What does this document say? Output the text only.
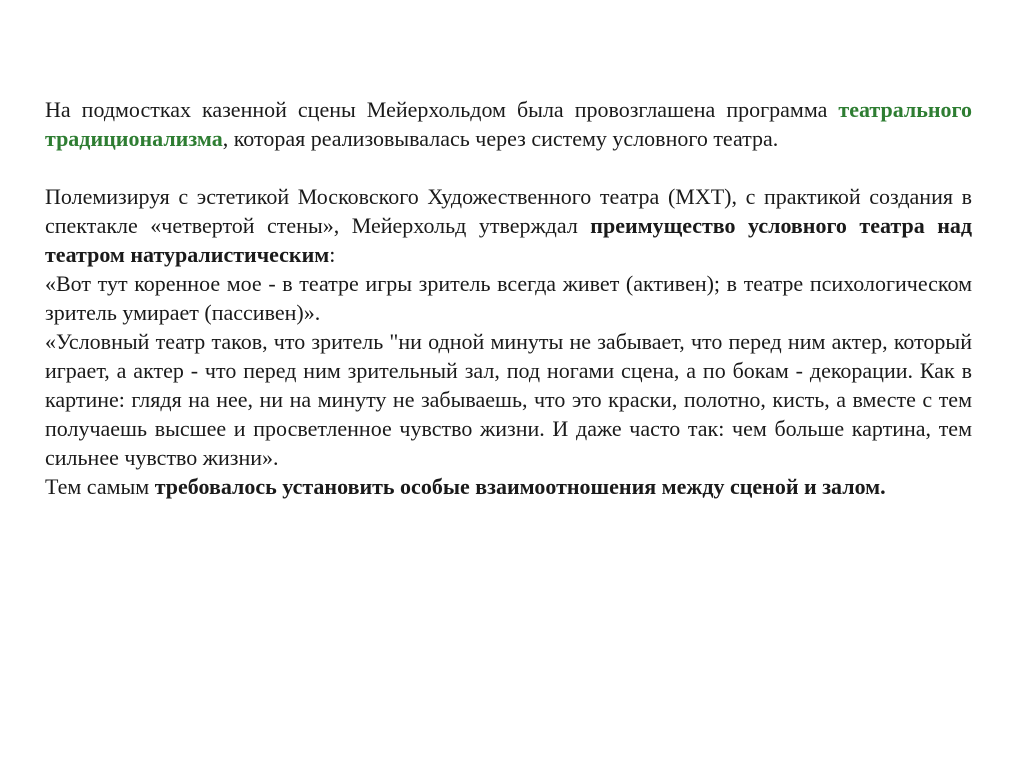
На подмостках казенной сцены Мейерхольдом была провозглашена программа театрального традиционализма, которая реализовывалась через систему условного театра.

Полемизируя с эстетикой Московского Художественного театра (МХТ), с практикой создания в спектакле «четвертой стены», Мейерхольд утверждал преимущество условного театра над театром натуралистическим:

«Вот тут коренное мое - в театре игры зритель всегда живет (активен); в театре психологическом зритель умирает (пассивен)».

«Условный театр таков, что зритель "ни одной минуты не забывает, что перед ним актер, который играет, а актер - что перед ним зрительный зал, под ногами сцена, а по бокам - декорации. Как в картине: глядя на нее, ни на минуту не забываешь, что это краски, полотно, кисть, а вместе с тем получаешь высшее и просветленное чувство жизни. И даже часто так: чем больше картина, тем сильнее чувство жизни».

Тем самым требовалось установить особые взаимоотношения между сценой и залом.
